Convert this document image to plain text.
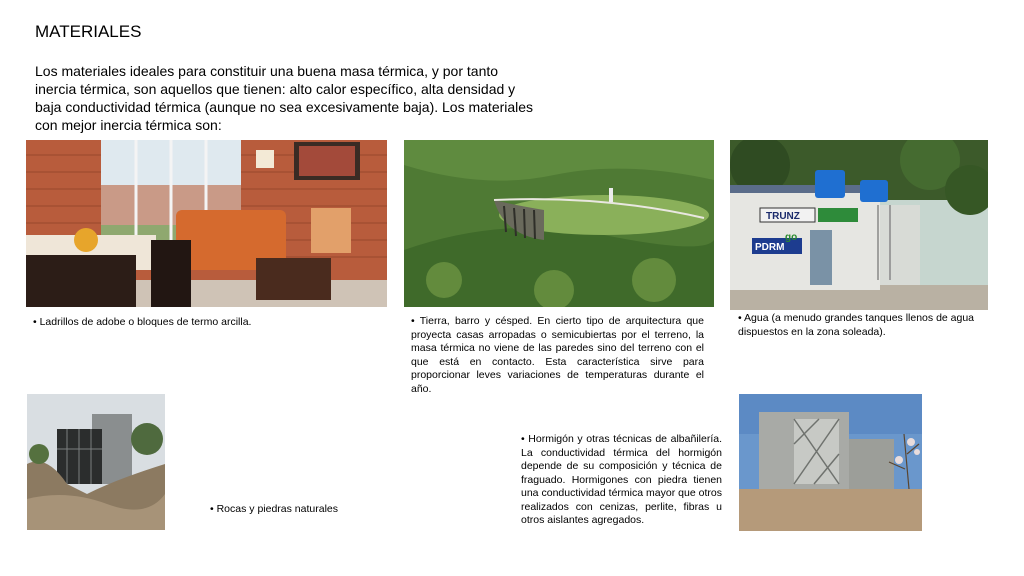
MATERIALES
Los materiales ideales para constituir una buena masa térmica, y por tanto inercia térmica, son aquellos que tienen: alto calor específico, alta densidad y baja conductividad térmica (aunque no sea excesivamente baja). Los materiales con mejor inercia térmica son:
• Ladrillos de adobe o bloques de termo arcilla.	• Tierra, barro y césped. En cierto tipo de arquitectura que proyecta casas arropadas o semicubiertas por el terreno, la masa térmica no viene de las paredes sino del terreno con el que está en contacto. Esta característica sirve para proporcionar leves variaciones de temperaturas durante el año.
TRUNZ
PDRM
go
• Agua (a menudo grandes tanques llenos de agua dispuestos en la zona soleada).
• Rocas y piedras naturales
• Hormigón y otras técnicas de albañilería. La conductividad térmica del hormigón depende de su composición y técnica de fraguado. Hormigones con piedra tienen una conductividad térmica mayor que otros realizados con cenizas, perlite, fibras u otros aislantes agregados.
